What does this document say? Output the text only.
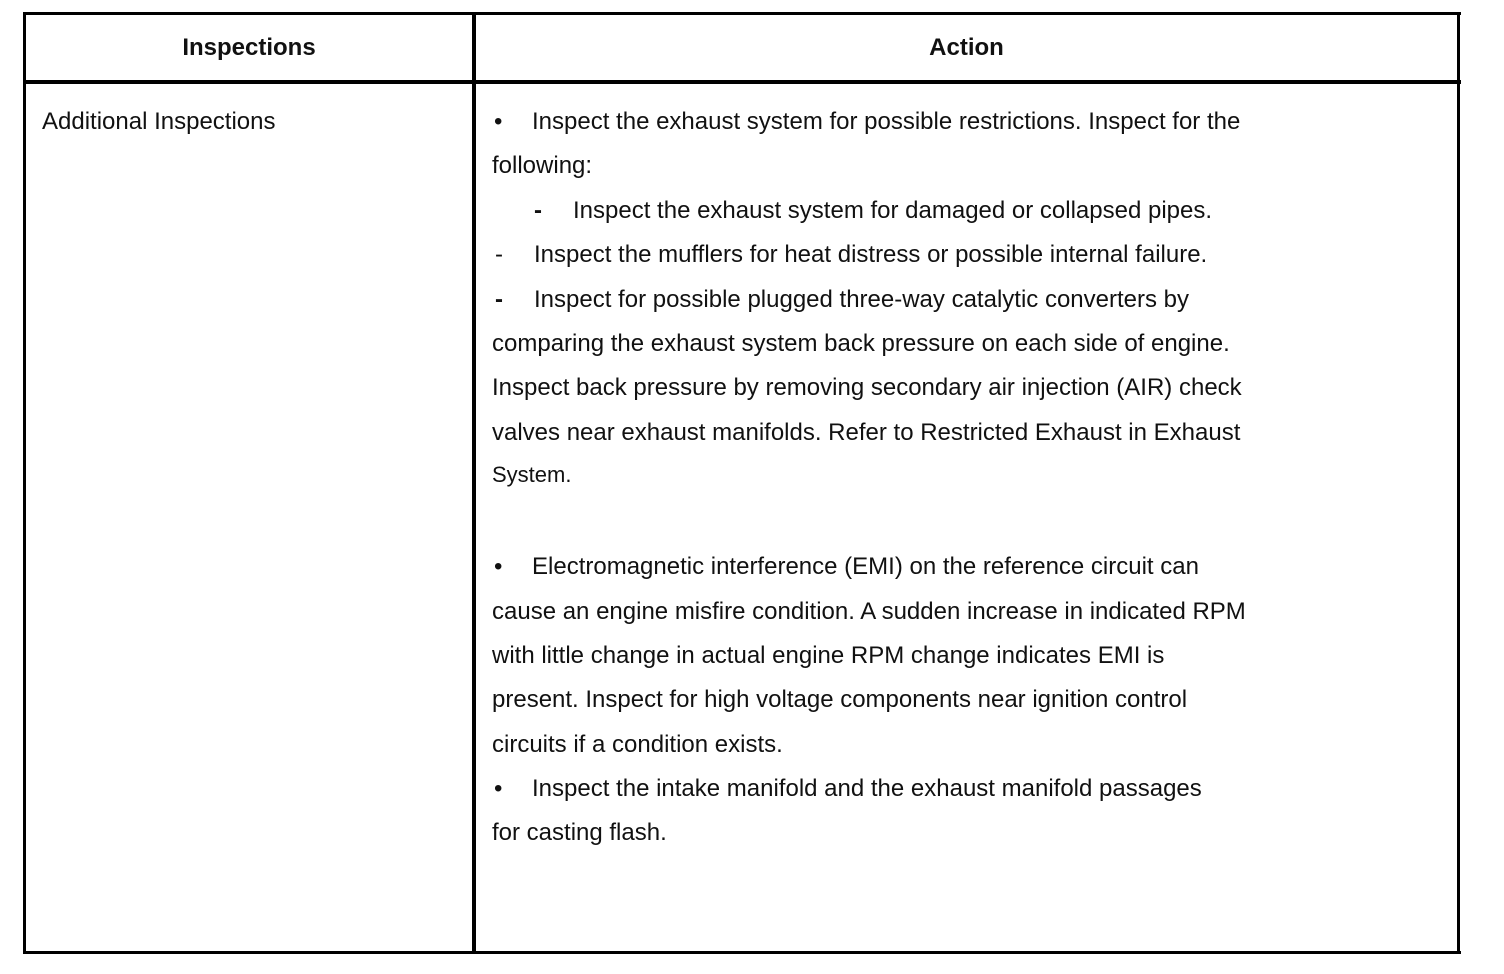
Inspections	Action
Additional Inspections	• Inspect the exhaust system for possible restrictions. Inspect for the
following:
- Inspect the exhaust system for damaged or collapsed pipes.
- Inspect the mufflers for heat distress or possible internal failure.
- Inspect for possible plugged three-way catalytic converters by
comparing the exhaust system back pressure on each side of engine.
Inspect back pressure by removing secondary air injection (AIR) check
valves near exhaust manifolds. Refer to Restricted Exhaust in Exhaust
System.
• Electromagnetic interference (EMI) on the reference circuit can
cause an engine misfire condition. A sudden increase in indicated RPM
with little change in actual engine RPM change indicates EMI is
present. Inspect for high voltage components near ignition control
circuits if a condition exists.
• Inspect the intake manifold and the exhaust manifold passages
for casting flash.
